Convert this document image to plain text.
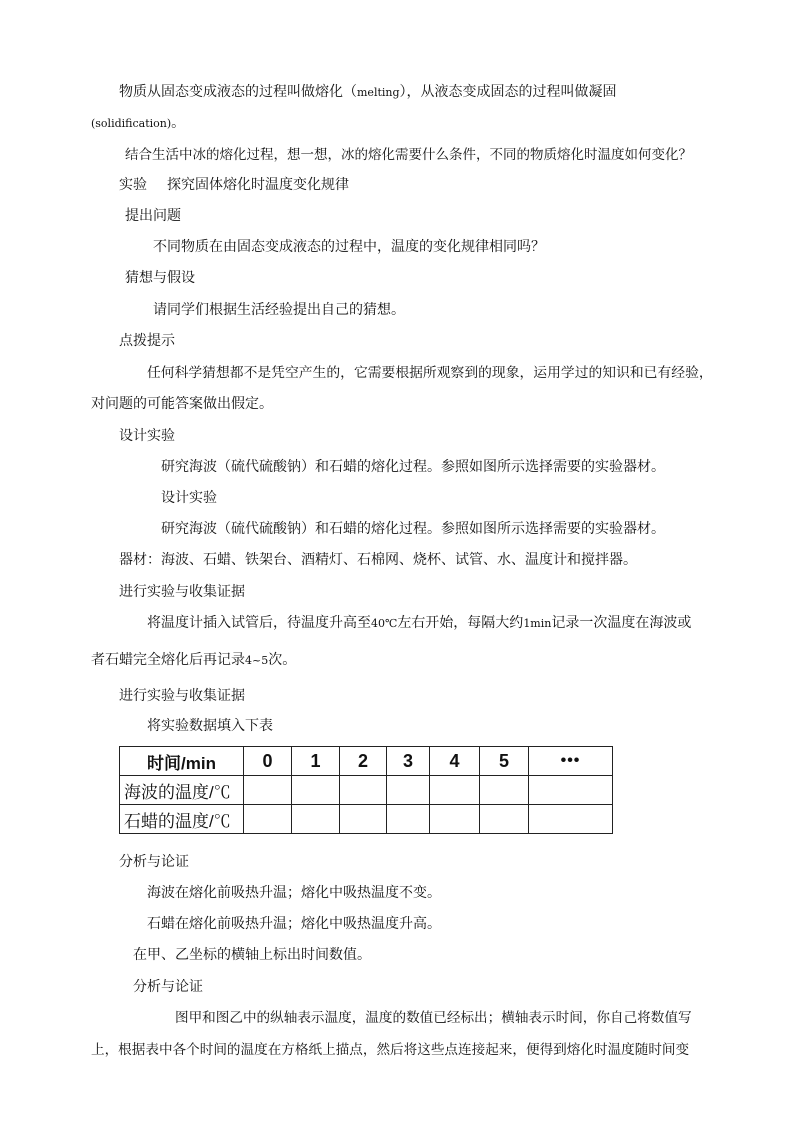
物质从固态变成液态的过程叫做熔化（melting），从液态变成固态的过程叫做凝固
(solidification)。
结合生活中冰的熔化过程，想一想，冰的熔化需要什么条件，不同的物质熔化时温度如何变化？
实验 探究固体熔化时温度变化规律
提出问题
不同物质在由固态变成液态的过程中，温度的变化规律相同吗？
猜想与假设
请同学们根据生活经验提出自己的猜想。
点拨提示
任何科学猜想都不是凭空产生的，它需要根据所观察到的现象，运用学过的知识和已有经验，
对问题的可能答案做出假定。
设计实验
研究海波（硫代硫酸钠）和石蜡的熔化过程。参照如图所示选择需要的实验器材。
设计实验
研究海波（硫代硫酸钠）和石蜡的熔化过程。参照如图所示选择需要的实验器材。
器材：海波、石蜡、铁架台、酒精灯、石棉网、烧杯、试管、水、温度计和搅拌器。
进行实验与收集证据
将温度计插入试管后，待温度升高至40℃左右开始，每隔大约1min记录一次温度在海波或
者石蜡完全熔化后再记录4~5次。
进行实验与收集证据
将实验数据填入下表
时间/min	0	1	2	3	4	5	•••
海波的温度/℃							
石蜡的温度/℃							
分析与论证
海波在熔化前吸热升温；熔化中吸热温度不变。
石蜡在熔化前吸热升温；熔化中吸热温度升高。
在甲、乙坐标的横轴上标出时间数值。
分析与论证
图甲和图乙中的纵轴表示温度，温度的数值已经标出；横轴表示时间，你自己将数值写
上，根据表中各个时间的温度在方格纸上描点，然后将这些点连接起来，便得到熔化时温度随时间变
